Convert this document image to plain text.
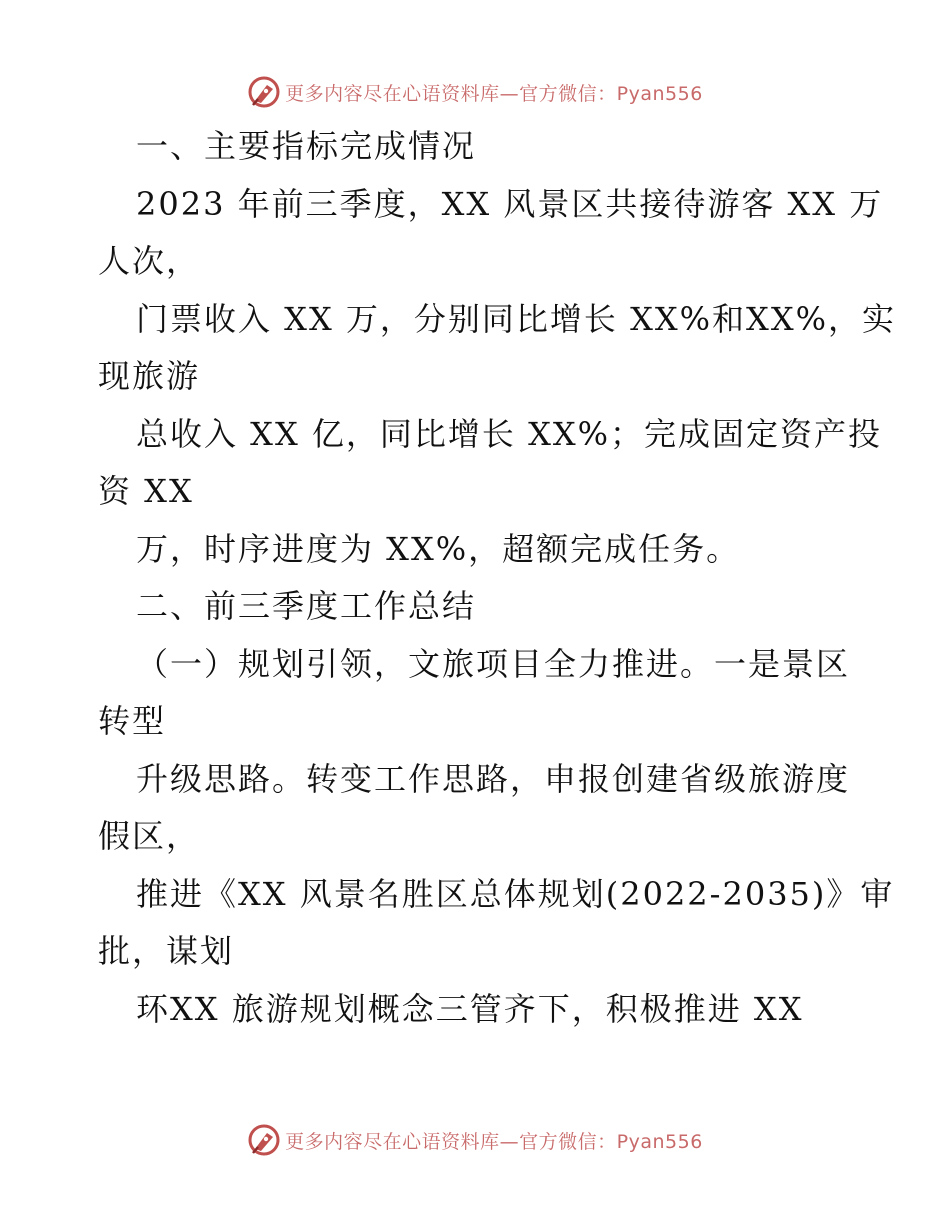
更多内容尽在心语资料库—官方微信：Pyan556
一、主要指标完成情况
2023 年前三季度，XX 风景区共接待游客 XX 万
人次，
门票收入 XX 万，分别同比增长 XX%和XX%，实
现旅游
总收入 XX 亿，同比增长 XX%；完成固定资产投
资 XX
万，时序进度为 XX%，超额完成任务。
二、前三季度工作总结
（一）规划引领，文旅项目全力推进。一是景区
转型
升级思路。转变工作思路，申报创建省级旅游度
假区，
推进《XX 风景名胜区总体规划(2022-2035)》审
批，谋划
环XX 旅游规划概念三管齐下，积极推进 XX
更多内容尽在心语资料库—官方微信：Pyan556
